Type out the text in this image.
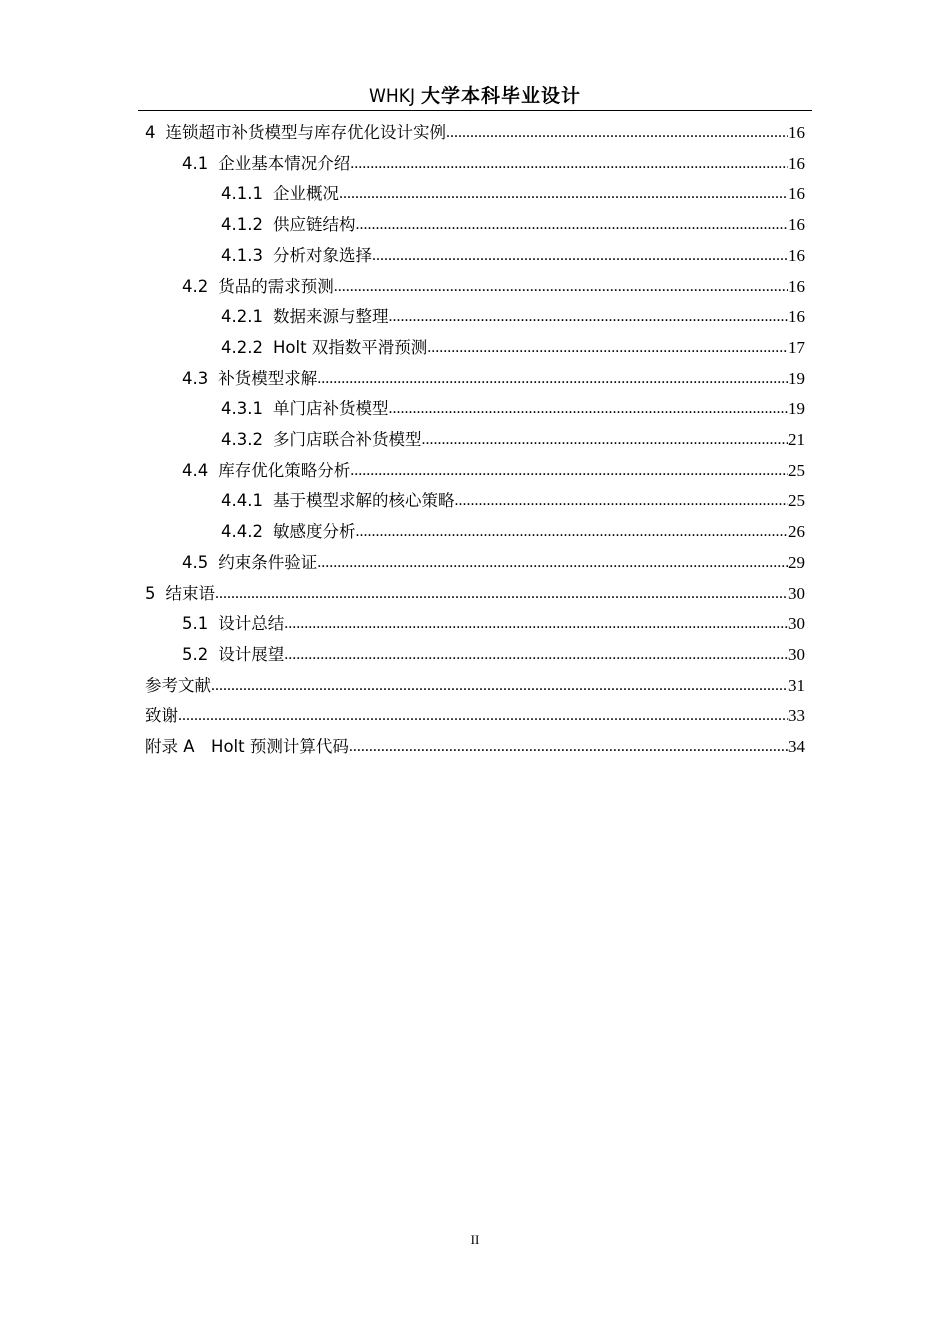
WHKJ 大学本科毕业设计
4 连锁超市补货模型与库存优化设计实例 .....	16
4.1 企业基本情况介绍 .....	16
4.1.1 企业概况 .....	16
4.1.2 供应链结构 .....	16
4.1.3 分析对象选择 .....	16
4.2 货品的需求预测 .....	16
4.2.1 数据来源与整理 .....	16
4.2.2 Holt 双指数平滑预测 .....	17
4.3 补货模型求解 .....	19
4.3.1 单门店补货模型 .....	19
4.3.2 多门店联合补货模型 .....	21
4.4 库存优化策略分析 .....	25
4.4.1 基于模型求解的核心策略 .....	25
4.4.2 敏感度分析 .....	26
4.5 约束条件验证 .....	29
5 结束语 .....	30
5.1 设计总结 .....	30
5.2 设计展望 .....	30
参考文献 .....	31
致谢 .....	33
附录 A　Holt 预测计算代码 .....	34
II
